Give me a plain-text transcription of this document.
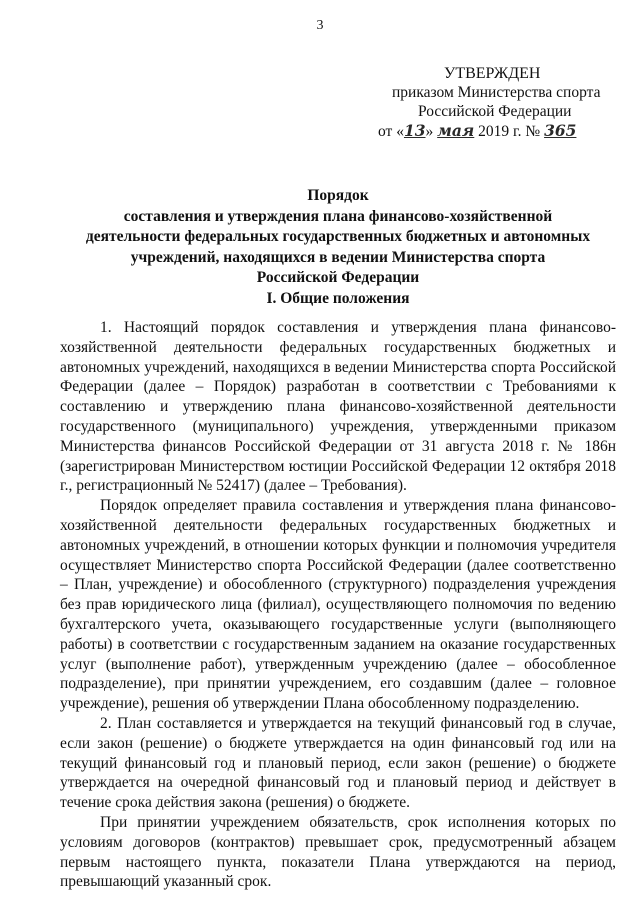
3
УТВЕРЖДЕН
приказом Министерства спорта
Российской Федерации
от «13» мая 2019 г. № 365
Порядок
составления и утверждения плана финансово-хозяйственной
деятельности федеральных государственных бюджетных и автономных
учреждений, находящихся в ведении Министерства спорта
Российской Федерации
I. Общие положения

1. Настоящий порядок составления и утверждения плана финансово-хозяйственной деятельности федеральных государственных бюджетных и автономных учреждений, находящихся в ведении Министерства спорта Российской Федерации (далее – Порядок) разработан в соответствии с Требованиями к составлению и утверждению плана финансово-хозяйственной деятельности государственного (муниципального) учреждения, утвержденными приказом Министерства финансов Российской Федерации от 31 августа 2018 г. № 186н (зарегистрирован Министерством юстиции Российской Федерации 12 октября 2018 г., регистрационный № 52417) (далее – Требования).

Порядок определяет правила составления и утверждения плана финансово-хозяйственной деятельности федеральных государственных бюджетных и автономных учреждений, в отношении которых функции и полномочия учредителя осуществляет Министерство спорта Российской Федерации (далее соответственно – План, учреждение) и обособленного (структурного) подразделения учреждения без прав юридического лица (филиал), осуществляющего полномочия по ведению бухгалтерского учета, оказывающего государственные услуги (выполняющего работы) в соответствии с государственным заданием на оказание государственных услуг (выполнение работ), утвержденным учреждению (далее – обособленное подразделение), при принятии учреждением, его создавшим (далее – головное учреждение), решения об утверждении Плана обособленному подразделению.

2. План составляется и утверждается на текущий финансовый год в случае, если закон (решение) о бюджете утверждается на один финансовый год или на текущий финансовый год и плановый период, если закон (решение) о бюджете утверждается на очередной финансовый год и плановый период и действует в течение срока действия закона (решения) о бюджете.

При принятии учреждением обязательств, срок исполнения которых по условиям договоров (контрактов) превышает срок, предусмотренный абзацем первым настоящего пункта, показатели Плана утверждаются на период, превышающий указанный срок.
